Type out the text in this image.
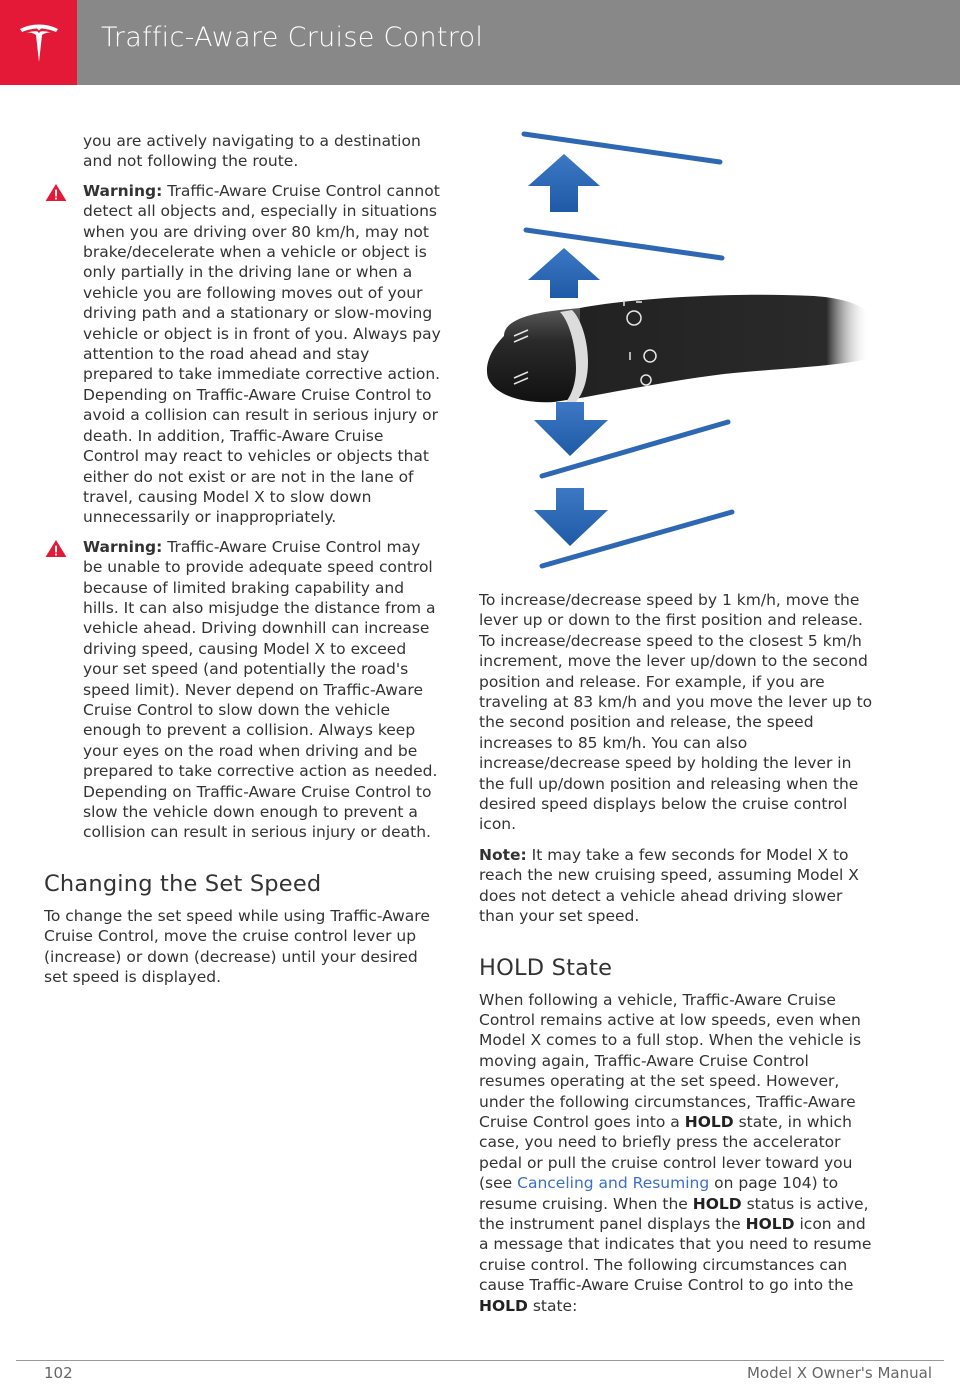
Traffic-Aware Cruise Control
you are actively navigating to a destination and not following the route.
Warning: Traffic-Aware Cruise Control cannot detect all objects and, especially in situations when you are driving over 80 km/h, may not brake/decelerate when a vehicle or object is only partially in the driving lane or when a vehicle you are following moves out of your driving path and a stationary or slow-moving vehicle or object is in front of you. Always pay attention to the road ahead and stay prepared to take immediate corrective action. Depending on Traffic-Aware Cruise Control to avoid a collision can result in serious injury or death. In addition, Traffic-Aware Cruise Control may react to vehicles or objects that either do not exist or are not in the lane of travel, causing Model X to slow down unnecessarily or inappropriately.
Warning: Traffic-Aware Cruise Control may be unable to provide adequate speed control because of limited braking capability and hills. It can also misjudge the distance from a vehicle ahead. Driving downhill can increase driving speed, causing Model X to exceed your set speed (and potentially the road's speed limit). Never depend on Traffic-Aware Cruise Control to slow down the vehicle enough to prevent a collision. Always keep your eyes on the road when driving and be prepared to take corrective action as needed. Depending on Traffic-Aware Cruise Control to slow the vehicle down enough to prevent a collision can result in serious injury or death.
Changing the Set Speed
To change the set speed while using Traffic-Aware Cruise Control, move the cruise control lever up (increase) or down (decrease) until your desired set speed is displayed.
To increase/decrease speed by 1 km/h, move the lever up or down to the first position and release. To increase/decrease speed to the closest 5 km/h increment, move the lever up/down to the second position and release. For example, if you are traveling at 83 km/h and you move the lever up to the second position and release, the speed increases to 85 km/h. You can also increase/decrease speed by holding the lever in the full up/down position and releasing when the desired speed displays below the cruise control icon.
Note: It may take a few seconds for Model X to reach the new cruising speed, assuming Model X does not detect a vehicle ahead driving slower than your set speed.
HOLD State
When following a vehicle, Traffic-Aware Cruise Control remains active at low speeds, even when Model X comes to a full stop. When the vehicle is moving again, Traffic-Aware Cruise Control resumes operating at the set speed. However, under the following circumstances, Traffic-Aware Cruise Control goes into a HOLD state, in which case, you need to briefly press the accelerator pedal or pull the cruise control lever toward you (see Canceling and Resuming on page 104) to resume cruising. When the HOLD status is active, the instrument panel displays the HOLD icon and a message that indicates that you need to resume cruise control. The following circumstances can cause Traffic-Aware Cruise Control to go into the HOLD state:
102	Model X Owner's Manual
